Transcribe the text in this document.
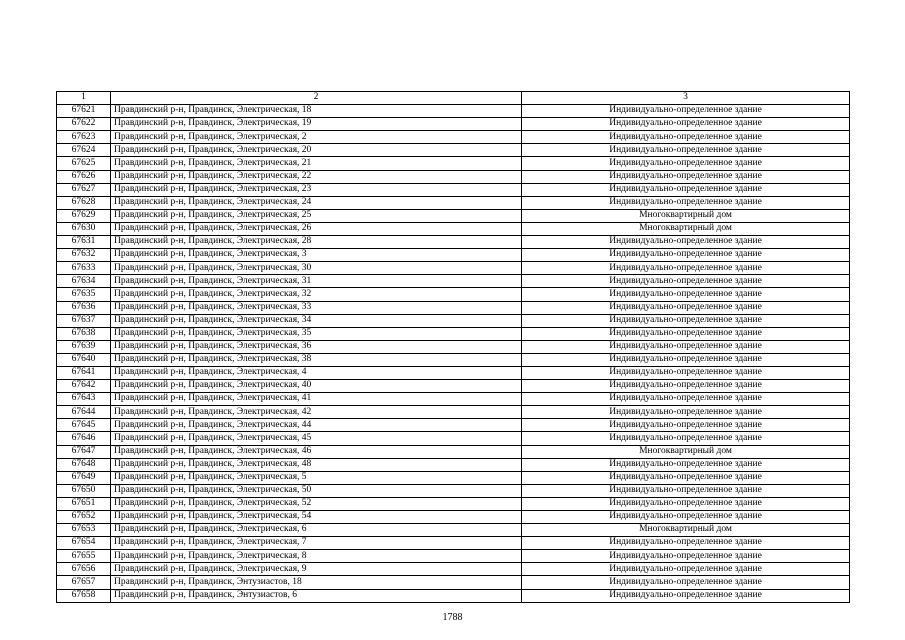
1	2	3
67621	Правдинский р-н, Правдинск, Электрическая, 18	Индивидуально-определенное здание
67622	Правдинский р-н, Правдинск, Электрическая, 19	Индивидуально-определенное здание
67623	Правдинский р-н, Правдинск, Электрическая, 2	Индивидуально-определенное здание
67624	Правдинский р-н, Правдинск, Электрическая, 20	Индивидуально-определенное здание
67625	Правдинский р-н, Правдинск, Электрическая, 21	Индивидуально-определенное здание
67626	Правдинский р-н, Правдинск, Электрическая, 22	Индивидуально-определенное здание
67627	Правдинский р-н, Правдинск, Электрическая, 23	Индивидуально-определенное здание
67628	Правдинский р-н, Правдинск, Электрическая, 24	Индивидуально-определенное здание
67629	Правдинский р-н, Правдинск, Электрическая, 25	Многоквартирный дом
67630	Правдинский р-н, Правдинск, Электрическая, 26	Многоквартирный дом
67631	Правдинский р-н, Правдинск, Электрическая, 28	Индивидуально-определенное здание
67632	Правдинский р-н, Правдинск, Электрическая, 3	Индивидуально-определенное здание
67633	Правдинский р-н, Правдинск, Электрическая, 30	Индивидуально-определенное здание
67634	Правдинский р-н, Правдинск, Электрическая, 31	Индивидуально-определенное здание
67635	Правдинский р-н, Правдинск, Электрическая, 32	Индивидуально-определенное здание
67636	Правдинский р-н, Правдинск, Электрическая, 33	Индивидуально-определенное здание
67637	Правдинский р-н, Правдинск, Электрическая, 34	Индивидуально-определенное здание
67638	Правдинский р-н, Правдинск, Электрическая, 35	Индивидуально-определенное здание
67639	Правдинский р-н, Правдинск, Электрическая, 36	Индивидуально-определенное здание
67640	Правдинский р-н, Правдинск, Электрическая, 38	Индивидуально-определенное здание
67641	Правдинский р-н, Правдинск, Электрическая, 4	Индивидуально-определенное здание
67642	Правдинский р-н, Правдинск, Электрическая, 40	Индивидуально-определенное здание
67643	Правдинский р-н, Правдинск, Электрическая, 41	Индивидуально-определенное здание
67644	Правдинский р-н, Правдинск, Электрическая, 42	Индивидуально-определенное здание
67645	Правдинский р-н, Правдинск, Электрическая, 44	Индивидуально-определенное здание
67646	Правдинский р-н, Правдинск, Электрическая, 45	Индивидуально-определенное здание
67647	Правдинский р-н, Правдинск, Электрическая, 46	Многоквартирный дом
67648	Правдинский р-н, Правдинск, Электрическая, 48	Индивидуально-определенное здание
67649	Правдинский р-н, Правдинск, Электрическая, 5	Индивидуально-определенное здание
67650	Правдинский р-н, Правдинск, Электрическая, 50	Индивидуально-определенное здание
67651	Правдинский р-н, Правдинск, Электрическая, 52	Индивидуально-определенное здание
67652	Правдинский р-н, Правдинск, Электрическая, 54	Индивидуально-определенное здание
67653	Правдинский р-н, Правдинск, Электрическая, 6	Многоквартирный дом
67654	Правдинский р-н, Правдинск, Электрическая, 7	Индивидуально-определенное здание
67655	Правдинский р-н, Правдинск, Электрическая, 8	Индивидуально-определенное здание
67656	Правдинский р-н, Правдинск, Электрическая, 9	Индивидуально-определенное здание
67657	Правдинский р-н, Правдинск, Энтузиастов, 18	Индивидуально-определенное здание
67658	Правдинский р-н, Правдинск, Энтузиастов, 6	Индивидуально-определенное здание
1788
